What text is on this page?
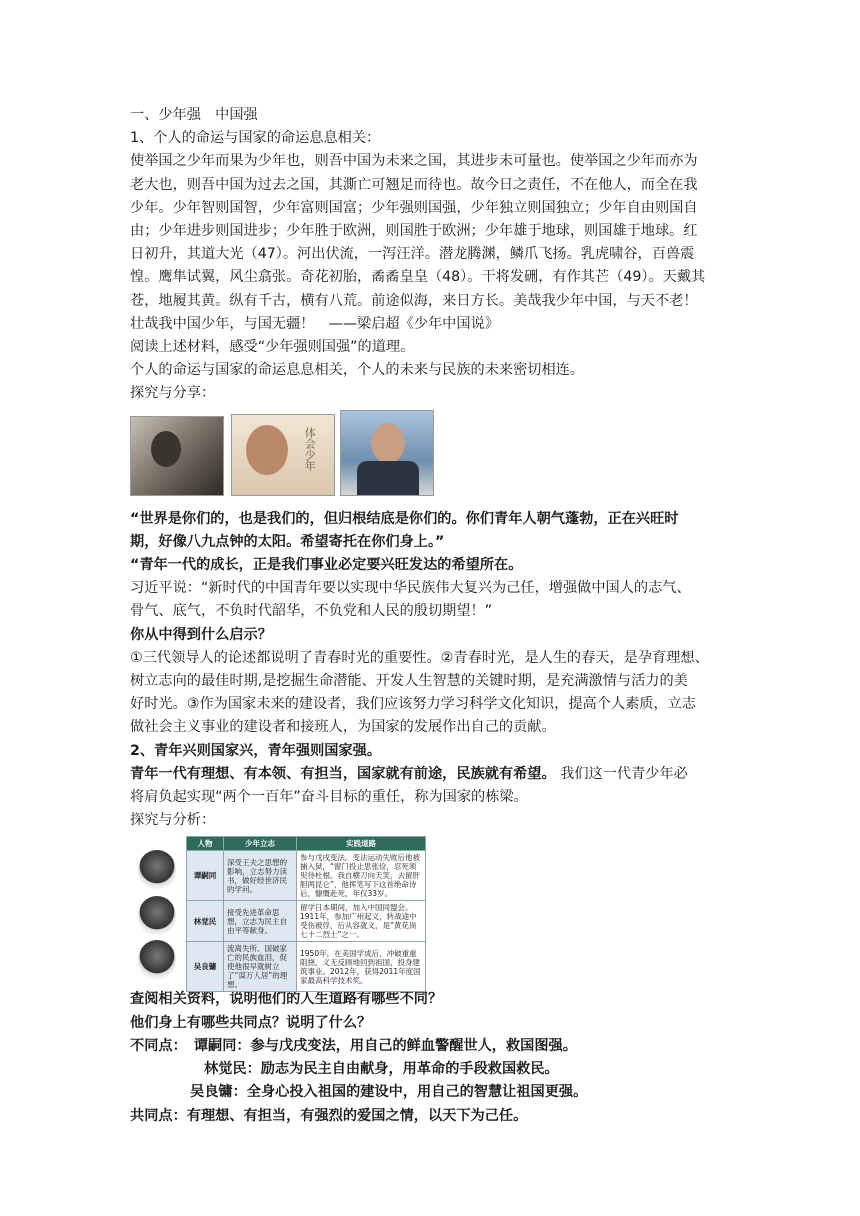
一、少年强　中国强

1、个人的命运与国家的命运息息相关：

使举国之少年而果为少年也，则吾中国为未来之国，其进步未可量也。使举国之少年而亦为

老大也，则吾中国为过去之国，其澌亡可翘足而待也。故今日之责任，不在他人，而全在我

少年。少年智则国智，少年富则国富；少年强则国强，少年独立则国独立；少年自由则国自

由；少年进步则国进步；少年胜于欧洲，则国胜于欧洲；少年雄于地球，则国雄于地球。红

日初升，其道大光（47）。河出伏流，一泻汪洋。潜龙腾渊，鳞爪飞扬。乳虎啸谷，百兽震

惶。鹰隼试翼，风尘翕张。奇花初胎，矞矞皇皇（48）。干将发硎，有作其芒（49）。天戴其

苍，地履其黄。纵有千古，横有八荒。前途似海，来日方长。美哉我少年中国，与天不老！

壮哉我中国少年，与国无疆！　——梁启超《少年中国说》

阅读上述材料，感受“少年强则国强”的道理。

个人的命运与国家的命运息息相关，个人的未来与民族的未来密切相连。

探究与分享：

体会少年

“世界是你们的，也是我们的，但归根结底是你们的。你们青年人朝气蓬勃，正在兴旺时

期，好像八九点钟的太阳。希望寄托在你们身上。”

“青年一代的成长，正是我们事业必定要兴旺发达的希望所在。

习近平说：“新时代的中国青年要以实现中华民族伟大复兴为己任，增强做中国人的志气、

骨气、底气，不负时代韶华，不负党和人民的殷切期望！”

你从中得到什么启示？

①三代领导人的论述都说明了青春时光的重要性。②青春时光，是人生的春天，是孕育理想、

树立志向的最佳时期,是挖掘生命潜能、开发人生智慧的关键时期，是充满激情与活力的美

好时光。③作为国家未来的建设者，我们应该努力学习科学文化知识，提高个人素质，立志

做社会主义事业的建设者和接班人，为国家的发展作出自己的贡献。

2、青年兴则国家兴，青年强则国家强。

青年一代有理想、有本领、有担当，国家就有前途，民族就有希望。 我们这一代青少年必

将肩负起实现“两个一百年”奋斗目标的重任，称为国家的栋梁。

探究与分析：

人物	少年立志	实践道路
谭嗣同	深受王夫之思想的影响，立志努力读书，做好经世济民的学问。	参与戊戌变法。变法运动失败后他被捕入狱，“窗门投止思张俭，忍死须臾待杜根。我自横刀向天笑，去留肝胆两昆仑”，他挥笔写下这首绝命诗后，慷慨赴死，年仅33岁。
林觉民	接受先进革命思想，立志为民主自由平等献身。	留学日本期间，加入中国同盟会。1911年，参加广州起义，转战途中受伤被俘，后从容就义，是“黄花岗七十二烈士”之一。
吴良镛	流离失所、国破家亡的民族血泪，促使他很早就树立了“谋万人居”的理想。	1950年，在美国学成后，冲破重重阻挠，义无反顾地回到祖国，投身建筑事业。2012年，获得2011年度国家最高科学技术奖。

查阅相关资料，说明他们的人生道路有哪些不同？

他们身上有哪些共同点？说明了什么？

不同点：　谭嗣同：参与戊戌变法，用自己的鲜血警醒世人，救国图强。

林觉民：励志为民主自由献身，用革命的手段救国救民。

吴良镛：全身心投入祖国的建设中，用自己的智慧让祖国更强。

共同点：有理想、有担当，有强烈的爱国之情，以天下为己任。
